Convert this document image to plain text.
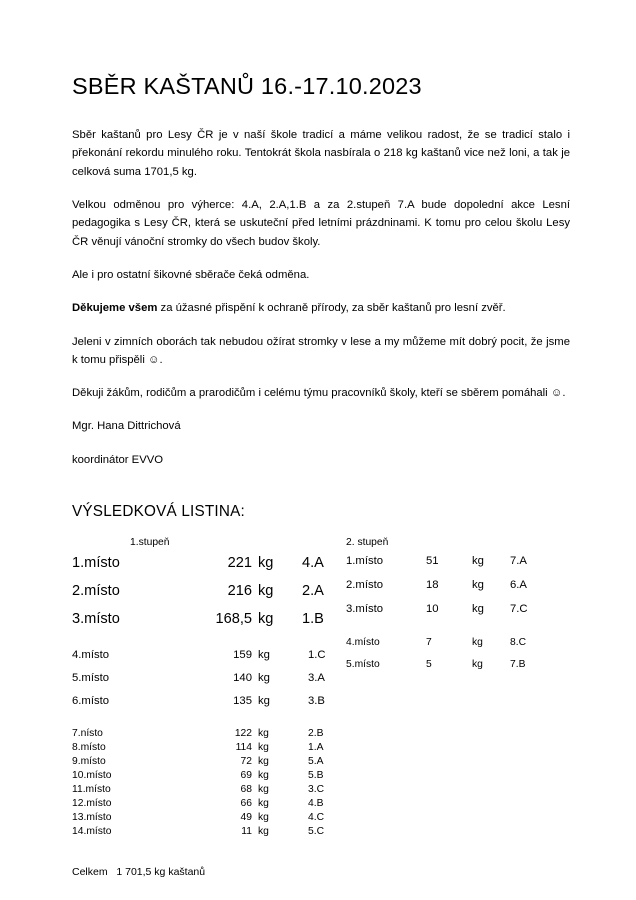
SBĚR KAŠTANŮ 16.-17.10.2023

Sběr kaštanů pro Lesy ČR je v naší škole tradicí a máme velikou radost, že se tradicí stalo i překonání rekordu minulého roku. Tentokrát škola nasbírala o 218 kg kaštanů vice než loni, a tak je celková suma 1701,5 kg.

Velkou odměnou pro výherce: 4.A, 2.A,1.B a za 2.stupeň 7.A bude dopolední akce Lesní pedagogika s Lesy ČR, která se uskuteční před letními prázdninami. K tomu pro celou školu Lesy ČR věnují vánoční stromky do všech budov školy.

Ale i pro ostatní šikovné sběrače čeká odměna.

Děkujeme všem za úžasné přispění k ochraně přírody, za sběr kaštanů pro lesní zvěř.

Jeleni v zimních oborách tak nebudou ožírat stromky v lese a my můžeme mít dobrý pocit, že jsme k tomu přispěli ☺.

Děkuji žákům, rodičům a prarodičům i celému týmu pracovníků školy, kteří se sběrem pomáhali ☺.

Mgr. Hana Dittrichová
koordinátor EVVO
VÝSLEDKOVÁ LISTINA:
1.stupeň
1.místo	221	kg	4.A
2.místo	216	kg	2.A
3.místo	168,5	kg	1.B

4.místo	159	kg	1.C
5.místo	140	kg	3.A
6.místo	135	kg	3.B

7.nísto	122	kg	2.B
8.místo	114	kg	1.A
9.místo	72	kg	5.A
10.místo	69	kg	5.B
11.místo	68	kg	3.C
12.místo	66	kg	4.B
13.místo	49	kg	4.C
14.místo	11	kg	5.C
2. stupeň
1.místo	51	kg	7.A
2.místo	18	kg	6.A
3.místo	10	kg	7.C

4.místo	7	kg	8.C
5.místo	5	kg	7.B
Celkem 1 701,5 kg kaštanů
